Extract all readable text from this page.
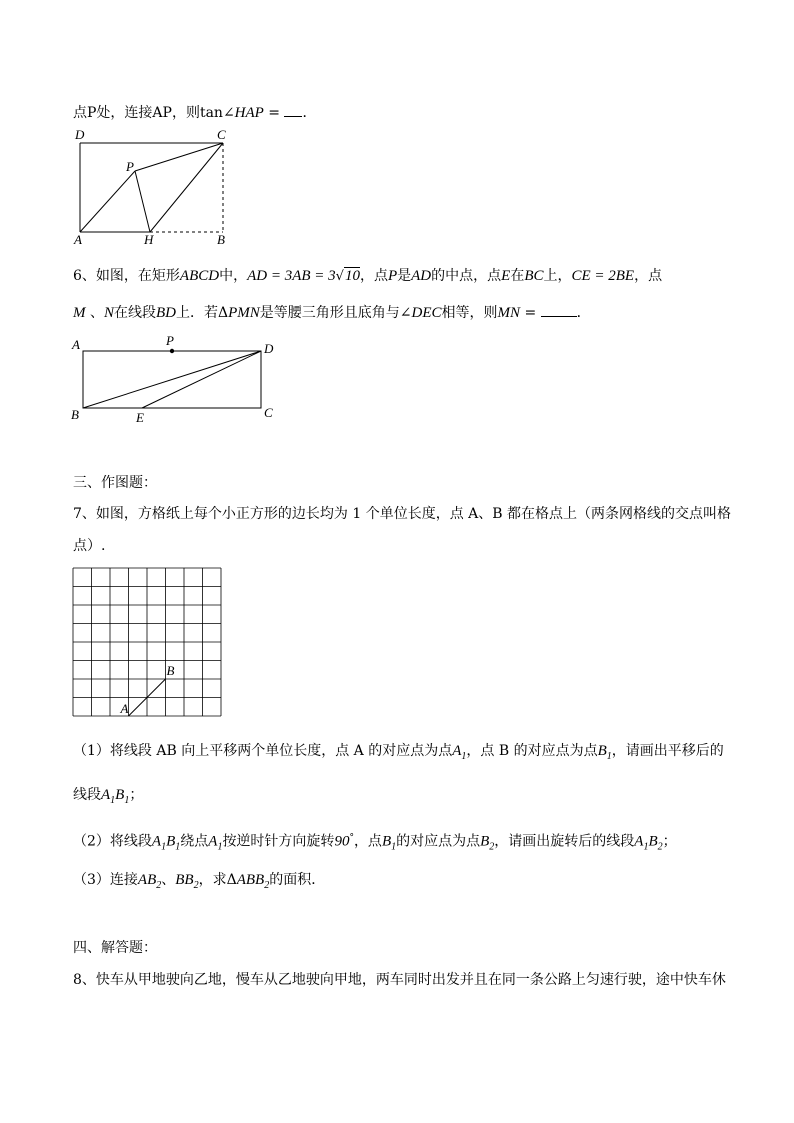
点P处，连接AP，则tan∠HAP = ．
D	C
P
A	H	B
6、如图，在矩形ABCD中，AD = 3AB = 3√10，点P是AD的中点，点E在BC上，CE = 2BE，点
M 、N在线段BD上．若ΔPMN是等腰三角形且底角与∠DEC相等，则MN =	．
A	P
D
B	E	C
三、作图题：
7、如图，方格纸上每个小正方形的边长均为 1 个单位长度，点 A、B 都在格点上（两条网格线的交点叫格
点）.
A
B
（1）将线段 AB 向上平移两个单位长度，点 A 的对应点为点$A_1$，点 B 的对应点为点$B_1$，请画出平移后的
线段$A_1B_1$；
（2）将线段$A_1B_1$绕点$A_1$按逆时针方向旋转90°，点$B_1$的对应点为点$B_2$，请画出旋转后的线段$A_1B_2$；
（3）连接$AB_2$、$BB_2$，求$\Delta ABB_2$的面积．
四、解答题：
8、快车从甲地驶向乙地，慢车从乙地驶向甲地，两车同时出发并且在同一条公路上匀速行驶，途中快车休
